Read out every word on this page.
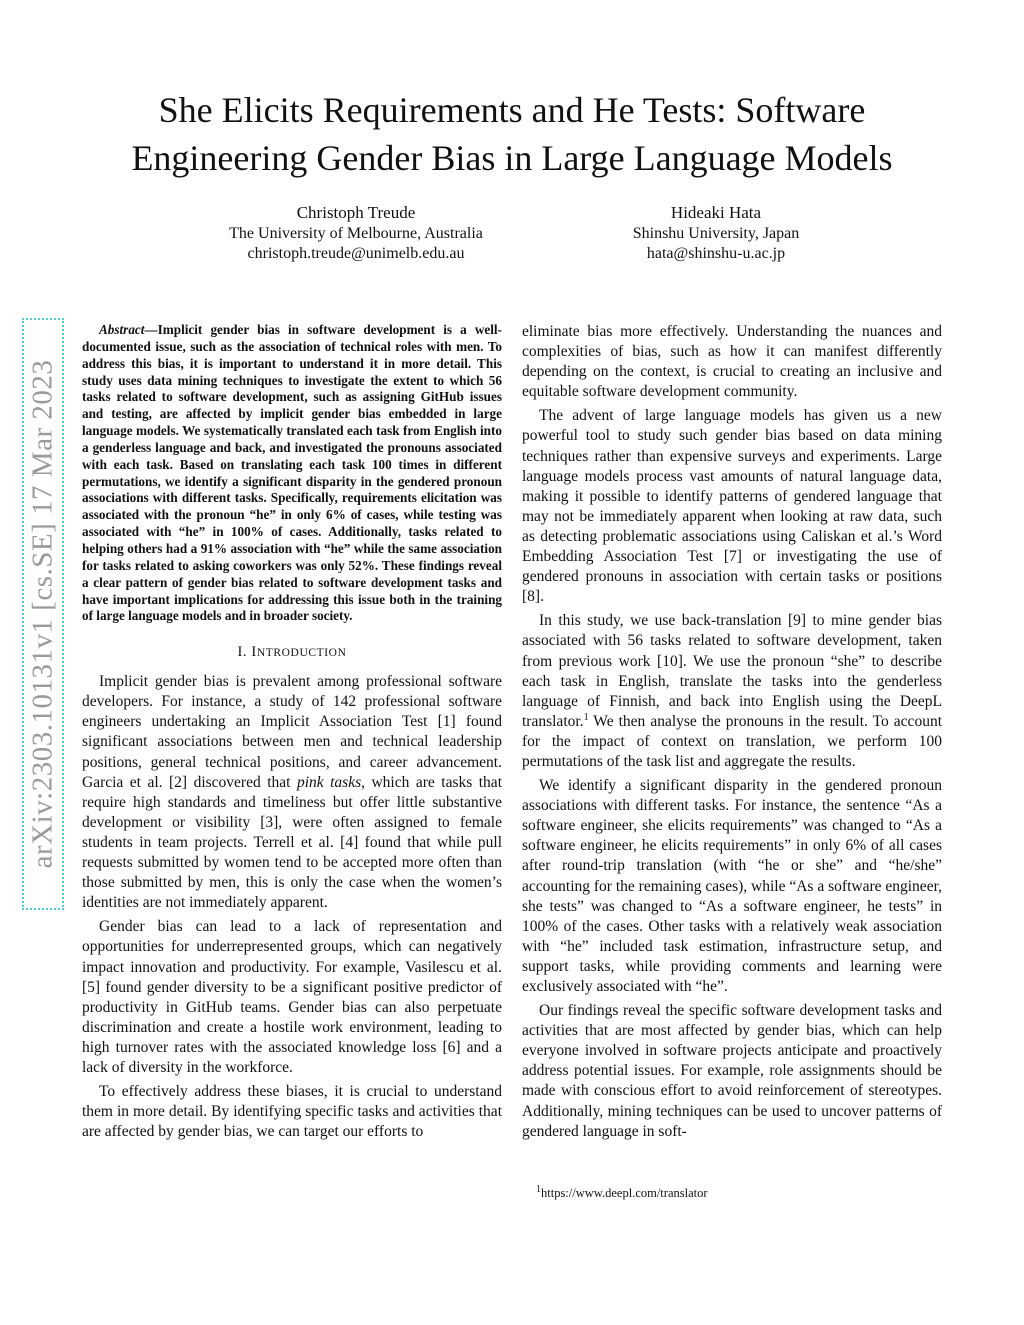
She Elicits Requirements and He Tests: Software
Engineering Gender Bias in Large Language Models
Christoph Treude
The University of Melbourne, Australia
christoph.treude@unimelb.edu.au
Hideaki Hata
Shinshu University, Japan
hata@shinshu-u.ac.jp
arXiv:2303.10131v1 [cs.SE] 17 Mar 2023

Abstract—Implicit gender bias in software development is a well-documented issue, such as the association of technical roles with men. To address this bias, it is important to understand it in more detail. This study uses data mining techniques to investigate the extent to which 56 tasks related to software development, such as assigning GitHub issues and testing, are affected by implicit gender bias embedded in large language models. We systematically translated each task from English into a genderless language and back, and investigated the pronouns associated with each task. Based on translating each task 100 times in different permutations, we identify a significant disparity in the gendered pronoun associations with different tasks. Specifically, requirements elicitation was associated with the pronoun “he” in only 6% of cases, while testing was associated with “he” in 100% of cases. Additionally, tasks related to helping others had a 91% association with “he” while the same association for tasks related to asking coworkers was only 52%. These findings reveal a clear pattern of gender bias related to software development tasks and have important implications for addressing this issue both in the training of large language models and in broader society.

I. INTRODUCTION

Implicit gender bias is prevalent among professional software developers. For instance, a study of 142 professional software engineers undertaking an Implicit Association Test [1] found significant associations between men and technical leadership positions, general technical positions, and career advancement. Garcia et al. [2] discovered that pink tasks, which are tasks that require high standards and timeliness but offer little substantive development or visibility [3], were often assigned to female students in team projects. Terrell et al. [4] found that while pull requests submitted by women tend to be accepted more often than those submitted by men, this is only the case when the women’s identities are not immediately apparent.

Gender bias can lead to a lack of representation and opportunities for underrepresented groups, which can negatively impact innovation and productivity. For example, Vasilescu et al. [5] found gender diversity to be a significant positive predictor of productivity in GitHub teams. Gender bias can also perpetuate discrimination and create a hostile work environment, leading to high turnover rates with the associated knowledge loss [6] and a lack of diversity in the workforce.

To effectively address these biases, it is crucial to understand them in more detail. By identifying specific tasks and activities that are affected by gender bias, we can target our efforts to

eliminate bias more effectively. Understanding the nuances and complexities of bias, such as how it can manifest differently depending on the context, is crucial to creating an inclusive and equitable software development community.

The advent of large language models has given us a new powerful tool to study such gender bias based on data mining techniques rather than expensive surveys and experiments. Large language models process vast amounts of natural language data, making it possible to identify patterns of gendered language that may not be immediately apparent when looking at raw data, such as detecting problematic associations using Caliskan et al.’s Word Embedding Association Test [7] or investigating the use of gendered pronouns in association with certain tasks or positions [8].

In this study, we use back-translation [9] to mine gender bias associated with 56 tasks related to software development, taken from previous work [10]. We use the pronoun “she” to describe each task in English, translate the tasks into the genderless language of Finnish, and back into English using the DeepL translator.$^1$ We then analyse the pronouns in the result. To account for the impact of context on translation, we perform 100 permutations of the task list and aggregate the results.

We identify a significant disparity in the gendered pronoun associations with different tasks. For instance, the sentence “As a software engineer, she elicits requirements” was changed to “As a software engineer, he elicits requirements” in only 6% of all cases after round-trip translation (with “he or she” and “he/she” accounting for the remaining cases), while “As a software engineer, she tests” was changed to “As a software engineer, he tests” in 100% of the cases. Other tasks with a relatively weak association with “he” included task estimation, infrastructure setup, and support tasks, while providing comments and learning were exclusively associated with “he”.

Our findings reveal the specific software development tasks and activities that are most affected by gender bias, which can help everyone involved in software projects anticipate and proactively address potential issues. For example, role assignments should be made with conscious effort to avoid reinforcement of stereotypes. Additionally, mining techniques can be used to uncover patterns of gendered language in soft-

$^1$https://www.deepl.com/translator
